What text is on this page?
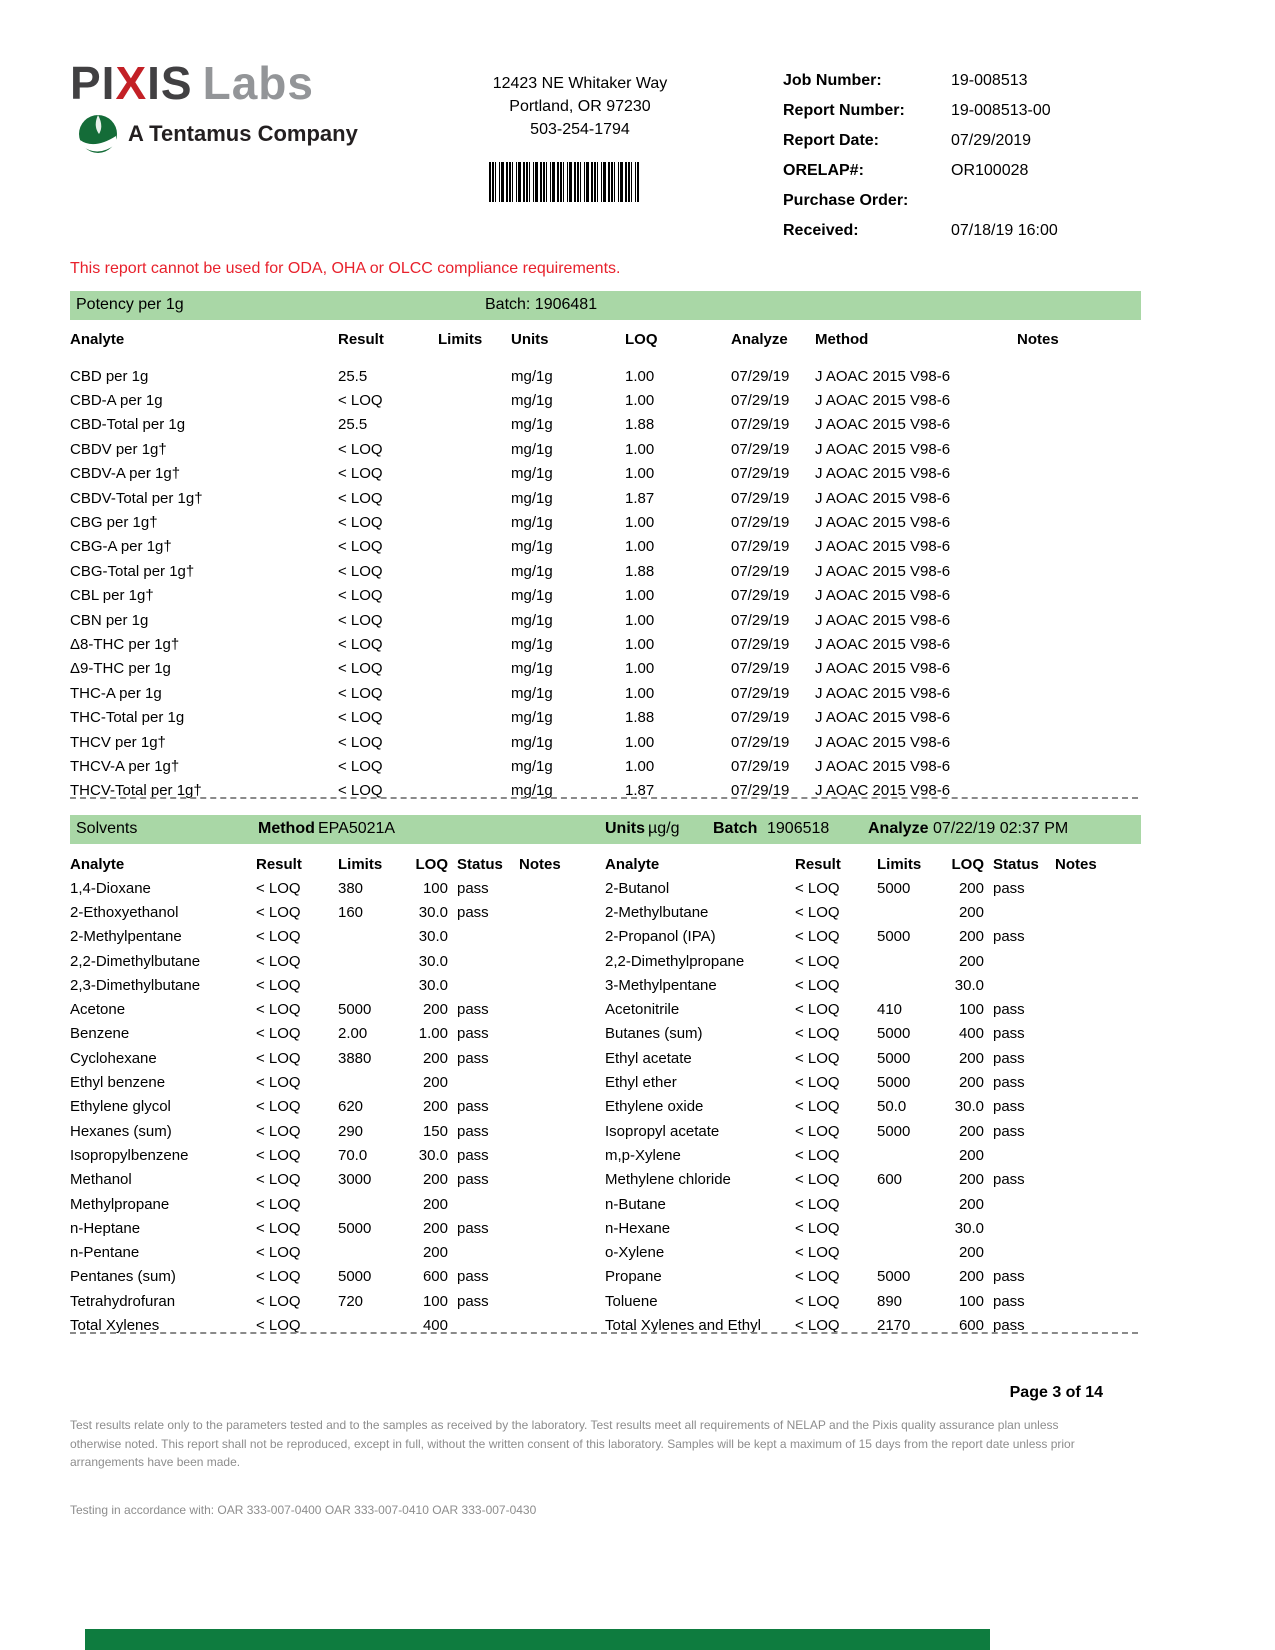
PIXIS Labs
A Tentamus Company
12423 NE Whitaker Way
Portland, OR 97230
503-254-1794
Job Number:	19-008513
Report Number:	19-008513-00
Report Date:	07/29/2019
ORELAP#:	OR100028
Purchase Order:
Received:	07/18/19 16:00
This report cannot be used for ODA, OHA or OLCC compliance requirements.
Potency per 1g	Batch: 1906481
Analyte	Result	Limits	Units	LOQ	Analyze	Method	Notes

CBD per 1g	25.5		mg/1g	1.00	07/29/19	J AOAC 2015 V98-6	
CBD-A per 1g	< LOQ		mg/1g	1.00	07/29/19	J AOAC 2015 V98-6	
CBD-Total per 1g	25.5		mg/1g	1.88	07/29/19	J AOAC 2015 V98-6	
CBDV per 1g†	< LOQ		mg/1g	1.00	07/29/19	J AOAC 2015 V98-6	
CBDV-A per 1g†	< LOQ		mg/1g	1.00	07/29/19	J AOAC 2015 V98-6	
CBDV-Total per 1g†	< LOQ		mg/1g	1.87	07/29/19	J AOAC 2015 V98-6	
CBG per 1g†	< LOQ		mg/1g	1.00	07/29/19	J AOAC 2015 V98-6	
CBG-A per 1g†	< LOQ		mg/1g	1.00	07/29/19	J AOAC 2015 V98-6	
CBG-Total per 1g†	< LOQ		mg/1g	1.88	07/29/19	J AOAC 2015 V98-6	
CBL per 1g†	< LOQ		mg/1g	1.00	07/29/19	J AOAC 2015 V98-6	
CBN per 1g	< LOQ		mg/1g	1.00	07/29/19	J AOAC 2015 V98-6	
Δ8-THC per 1g†	< LOQ		mg/1g	1.00	07/29/19	J AOAC 2015 V98-6	
Δ9-THC per 1g	< LOQ		mg/1g	1.00	07/29/19	J AOAC 2015 V98-6	
THC-A per 1g	< LOQ		mg/1g	1.00	07/29/19	J AOAC 2015 V98-6	
THC-Total per 1g	< LOQ		mg/1g	1.88	07/29/19	J AOAC 2015 V98-6	
THCV per 1g†	< LOQ		mg/1g	1.00	07/29/19	J AOAC 2015 V98-6	
THCV-A per 1g†	< LOQ		mg/1g	1.00	07/29/19	J AOAC 2015 V98-6	
THCV-Total per 1g†	< LOQ		mg/1g	1.87	07/29/19	J AOAC 2015 V98-6	
Solvents	Method EPA5021A	Units µg/g Batch 1906518 Analyze 07/22/19 02:37 PM
Analyte	Result	Limits	LOQ	Status	Notes
1,4-Dioxane	< LOQ	380	100	pass	
2-Ethoxyethanol	< LOQ	160	30.0	pass	
2-Methylpentane	< LOQ		30.0		
2,2-Dimethylbutane	< LOQ		30.0		
2,3-Dimethylbutane	< LOQ		30.0		
Acetone	< LOQ	5000	200	pass	
Benzene	< LOQ	2.00	1.00	pass	
Cyclohexane	< LOQ	3880	200	pass	
Ethyl benzene	< LOQ		200		
Ethylene glycol	< LOQ	620	200	pass	
Hexanes (sum)	< LOQ	290	150	pass	
Isopropylbenzene	< LOQ	70.0	30.0	pass	
Methanol	< LOQ	3000	200	pass	
Methylpropane	< LOQ		200		
n-Heptane	< LOQ	5000	200	pass	
n-Pentane	< LOQ		200		
Pentanes (sum)	< LOQ	5000	600	pass	
Tetrahydrofuran	< LOQ	720	100	pass	
Total Xylenes	< LOQ		400		
Analyte	Result	Limits	LOQ	Status	Notes
2-Butanol	< LOQ	5000	200	pass	
2-Methylbutane	< LOQ		200		
2-Propanol (IPA)	< LOQ	5000	200	pass	
2,2-Dimethylpropane	< LOQ		200		
3-Methylpentane	< LOQ		30.0		
Acetonitrile	< LOQ	410	100	pass	
Butanes (sum)	< LOQ	5000	400	pass	
Ethyl acetate	< LOQ	5000	200	pass	
Ethyl ether	< LOQ	5000	200	pass	
Ethylene oxide	< LOQ	50.0	30.0	pass	
Isopropyl acetate	< LOQ	5000	200	pass	
m,p-Xylene	< LOQ		200		
Methylene chloride	< LOQ	600	200	pass	
n-Butane	< LOQ		200		
n-Hexane	< LOQ		30.0		
o-Xylene	< LOQ		200		
Propane	< LOQ	5000	200	pass	
Toluene	< LOQ	890	100	pass	
Total Xylenes and Ethyl	< LOQ	2170	600	pass	
Page 3 of 14
Test results relate only to the parameters tested and to the samples as received by the laboratory. Test results meet all requirements of NELAP and the Pixis quality assurance plan unless otherwise noted. This report shall not be reproduced, except in full, without the written consent of this laboratory. Samples will be kept a maximum of 15 days from the report date unless prior arrangements have been made.
Testing in accordance with: OAR 333-007-0400 OAR 333-007-0410 OAR 333-007-0430
